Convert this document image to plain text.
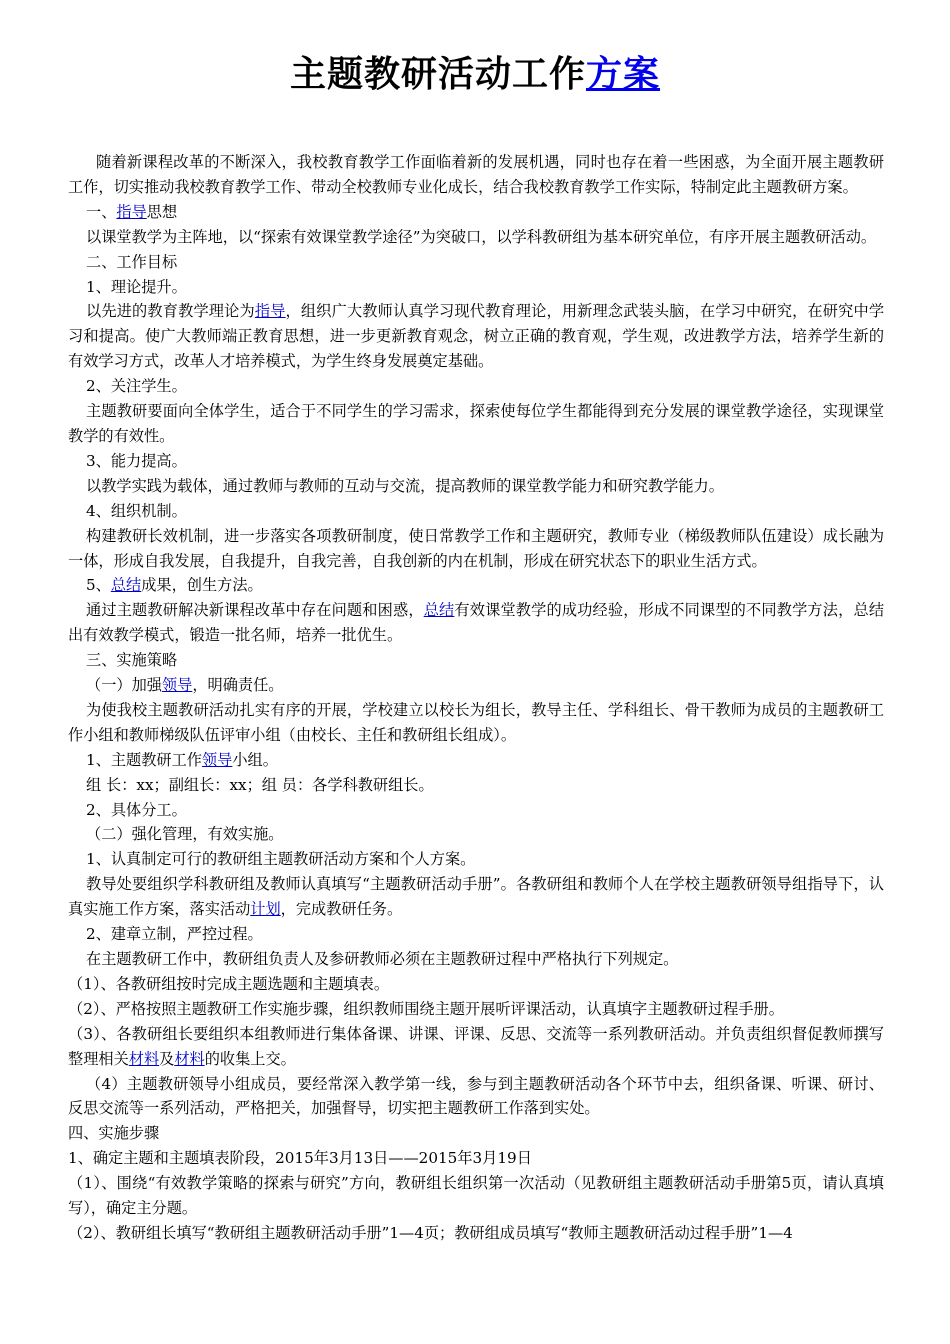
主题教研活动工作方案

随着新课程改革的不断深入，我校教育教学工作面临着新的发展机遇，同时也存在着一些困惑，为全面开展主题教研工作，切实推动我校教育教学工作、带动全校教师专业化成长，结合我校教育教学工作实际，特制定此主题教研方案。

一、指导思想

以课堂教学为主阵地，以“探索有效课堂教学途径”为突破口，以学科教研组为基本研究单位，有序开展主题教研活动。

二、工作目标

1、理论提升。

以先进的教育教学理论为指导，组织广大教师认真学习现代教育理论，用新理念武装头脑，在学习中研究，在研究中学习和提高。使广大教师端正教育思想，进一步更新教育观念，树立正确的教育观，学生观，改进教学方法，培养学生新的有效学习方式，改革人才培养模式，为学生终身发展奠定基础。

2、关注学生。

主题教研要面向全体学生，适合于不同学生的学习需求，探索使每位学生都能得到充分发展的课堂教学途径，实现课堂教学的有效性。

3、能力提高。

以教学实践为载体，通过教师与教师的互动与交流，提高教师的课堂教学能力和研究教学能力。

4、组织机制。

构建教研长效机制，进一步落实各项教研制度，使日常教学工作和主题研究，教师专业（梯级教师队伍建设）成长融为一体，形成自我发展，自我提升，自我完善，自我创新的内在机制，形成在研究状态下的职业生活方式。

5、总结成果，创生方法。

通过主题教研解决新课程改革中存在问题和困惑，总结有效课堂教学的成功经验，形成不同课型的不同教学方法，总结出有效教学模式，锻造一批名师，培养一批优生。

三、实施策略

（一）加强领导，明确责任。

为使我校主题教研活动扎实有序的开展，学校建立以校长为组长，教导主任、学科组长、骨干教师为成员的主题教研工作小组和教师梯级队伍评审小组（由校长、主任和教研组长组成）。

1、主题教研工作领导小组。

组 长：xx；副组长：xx；组 员：各学科教研组长。

2、具体分工。

（二）强化管理，有效实施。

1、认真制定可行的教研组主题教研活动方案和个人方案。

教导处要组织学科教研组及教师认真填写“主题教研活动手册”。各教研组和教师个人在学校主题教研领导组指导下，认真实施工作方案，落实活动计划，完成教研任务。

2、建章立制，严控过程。

在主题教研工作中，教研组负责人及参研教师必须在主题教研过程中严格执行下列规定。

（1）、各教研组按时完成主题选题和主题填表。

（2）、严格按照主题教研工作实施步骤，组织教师围绕主题开展听评课活动，认真填字主题教研过程手册。

（3）、各教研组长要组织本组教师进行集体备课、讲课、评课、反思、交流等一系列教研活动。并负责组织督促教师撰写整理相关材料及材料的收集上交。

（4）主题教研领导小组成员，要经常深入教学第一线，参与到主题教研活动各个环节中去，组织备课、听课、研讨、反思交流等一系列活动，严格把关，加强督导，切实把主题教研工作落到实处。

四、实施步骤

1、确定主题和主题填表阶段，2015年3月13日——2015年3月19日

（1）、围绕“有效教学策略的探索与研究”方向，教研组长组织第一次活动（见教研组主题教研活动手册第5页，请认真填写），确定主分题。

（2）、教研组长填写“教研组主题教研活动手册”1—4页；教研组成员填写“教师主题教研活动过程手册”1—4
